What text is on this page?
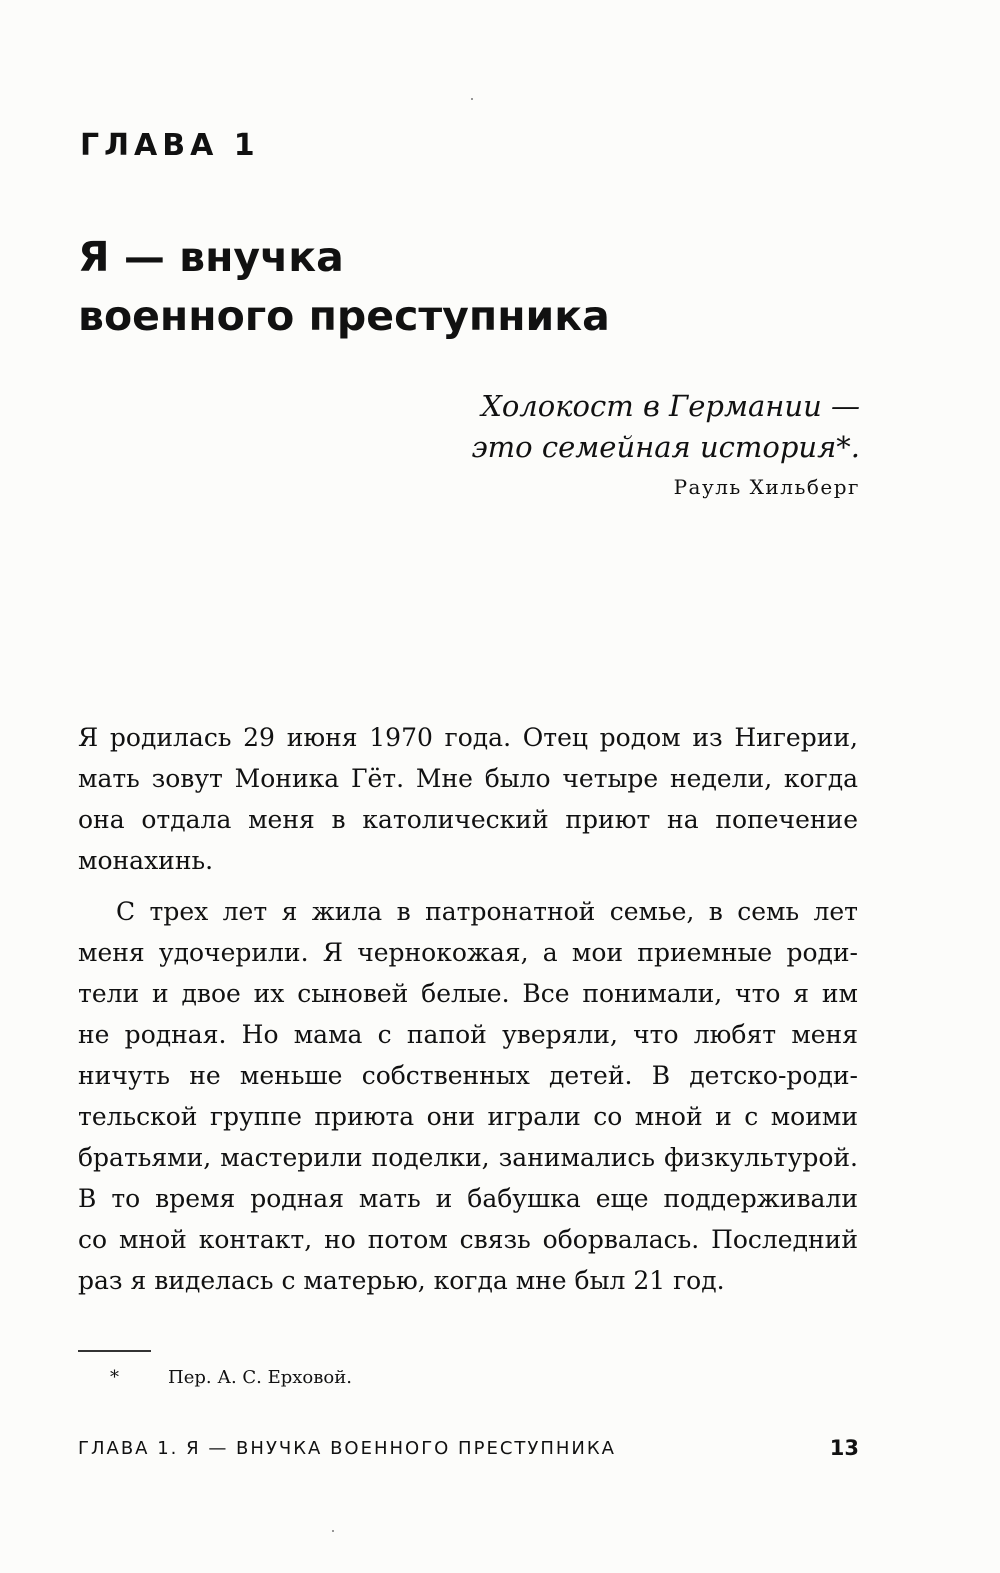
ГЛАВА 1
Я — внучка
военного преступника
Холокост в Германии —
это семейная история*.
Рауль Хильберг
Я родилась 29 июня 1970 года. Отец родом из Нигерии,
мать зовут Моника Гёт. Мне было четыре недели, когда
она отдала меня в католический приют на попечение
монахинь.
С трех лет я жила в патронатной семье, в семь лет
меня удочерили. Я чернокожая, а мои приемные роди-
тели и двое их сыновей белые. Все понимали, что я им
не родная. Но мама с папой уверяли, что любят меня
ничуть не меньше собственных детей. В детско-роди-
тельской группе приюта они играли со мной и с моими
братьями, мастерили поделки, занимались физкультурой.
В то время родная мать и бабушка еще поддерживали
со мной контакт, но потом связь оборвалась. Последний
раз я виделась с матерью, когда мне был 21 год.
*	Пер. А. С. Ерховой.
ГЛАВА 1. Я — ВНУЧКА ВОЕННОГО ПРЕСТУПНИКА	13
